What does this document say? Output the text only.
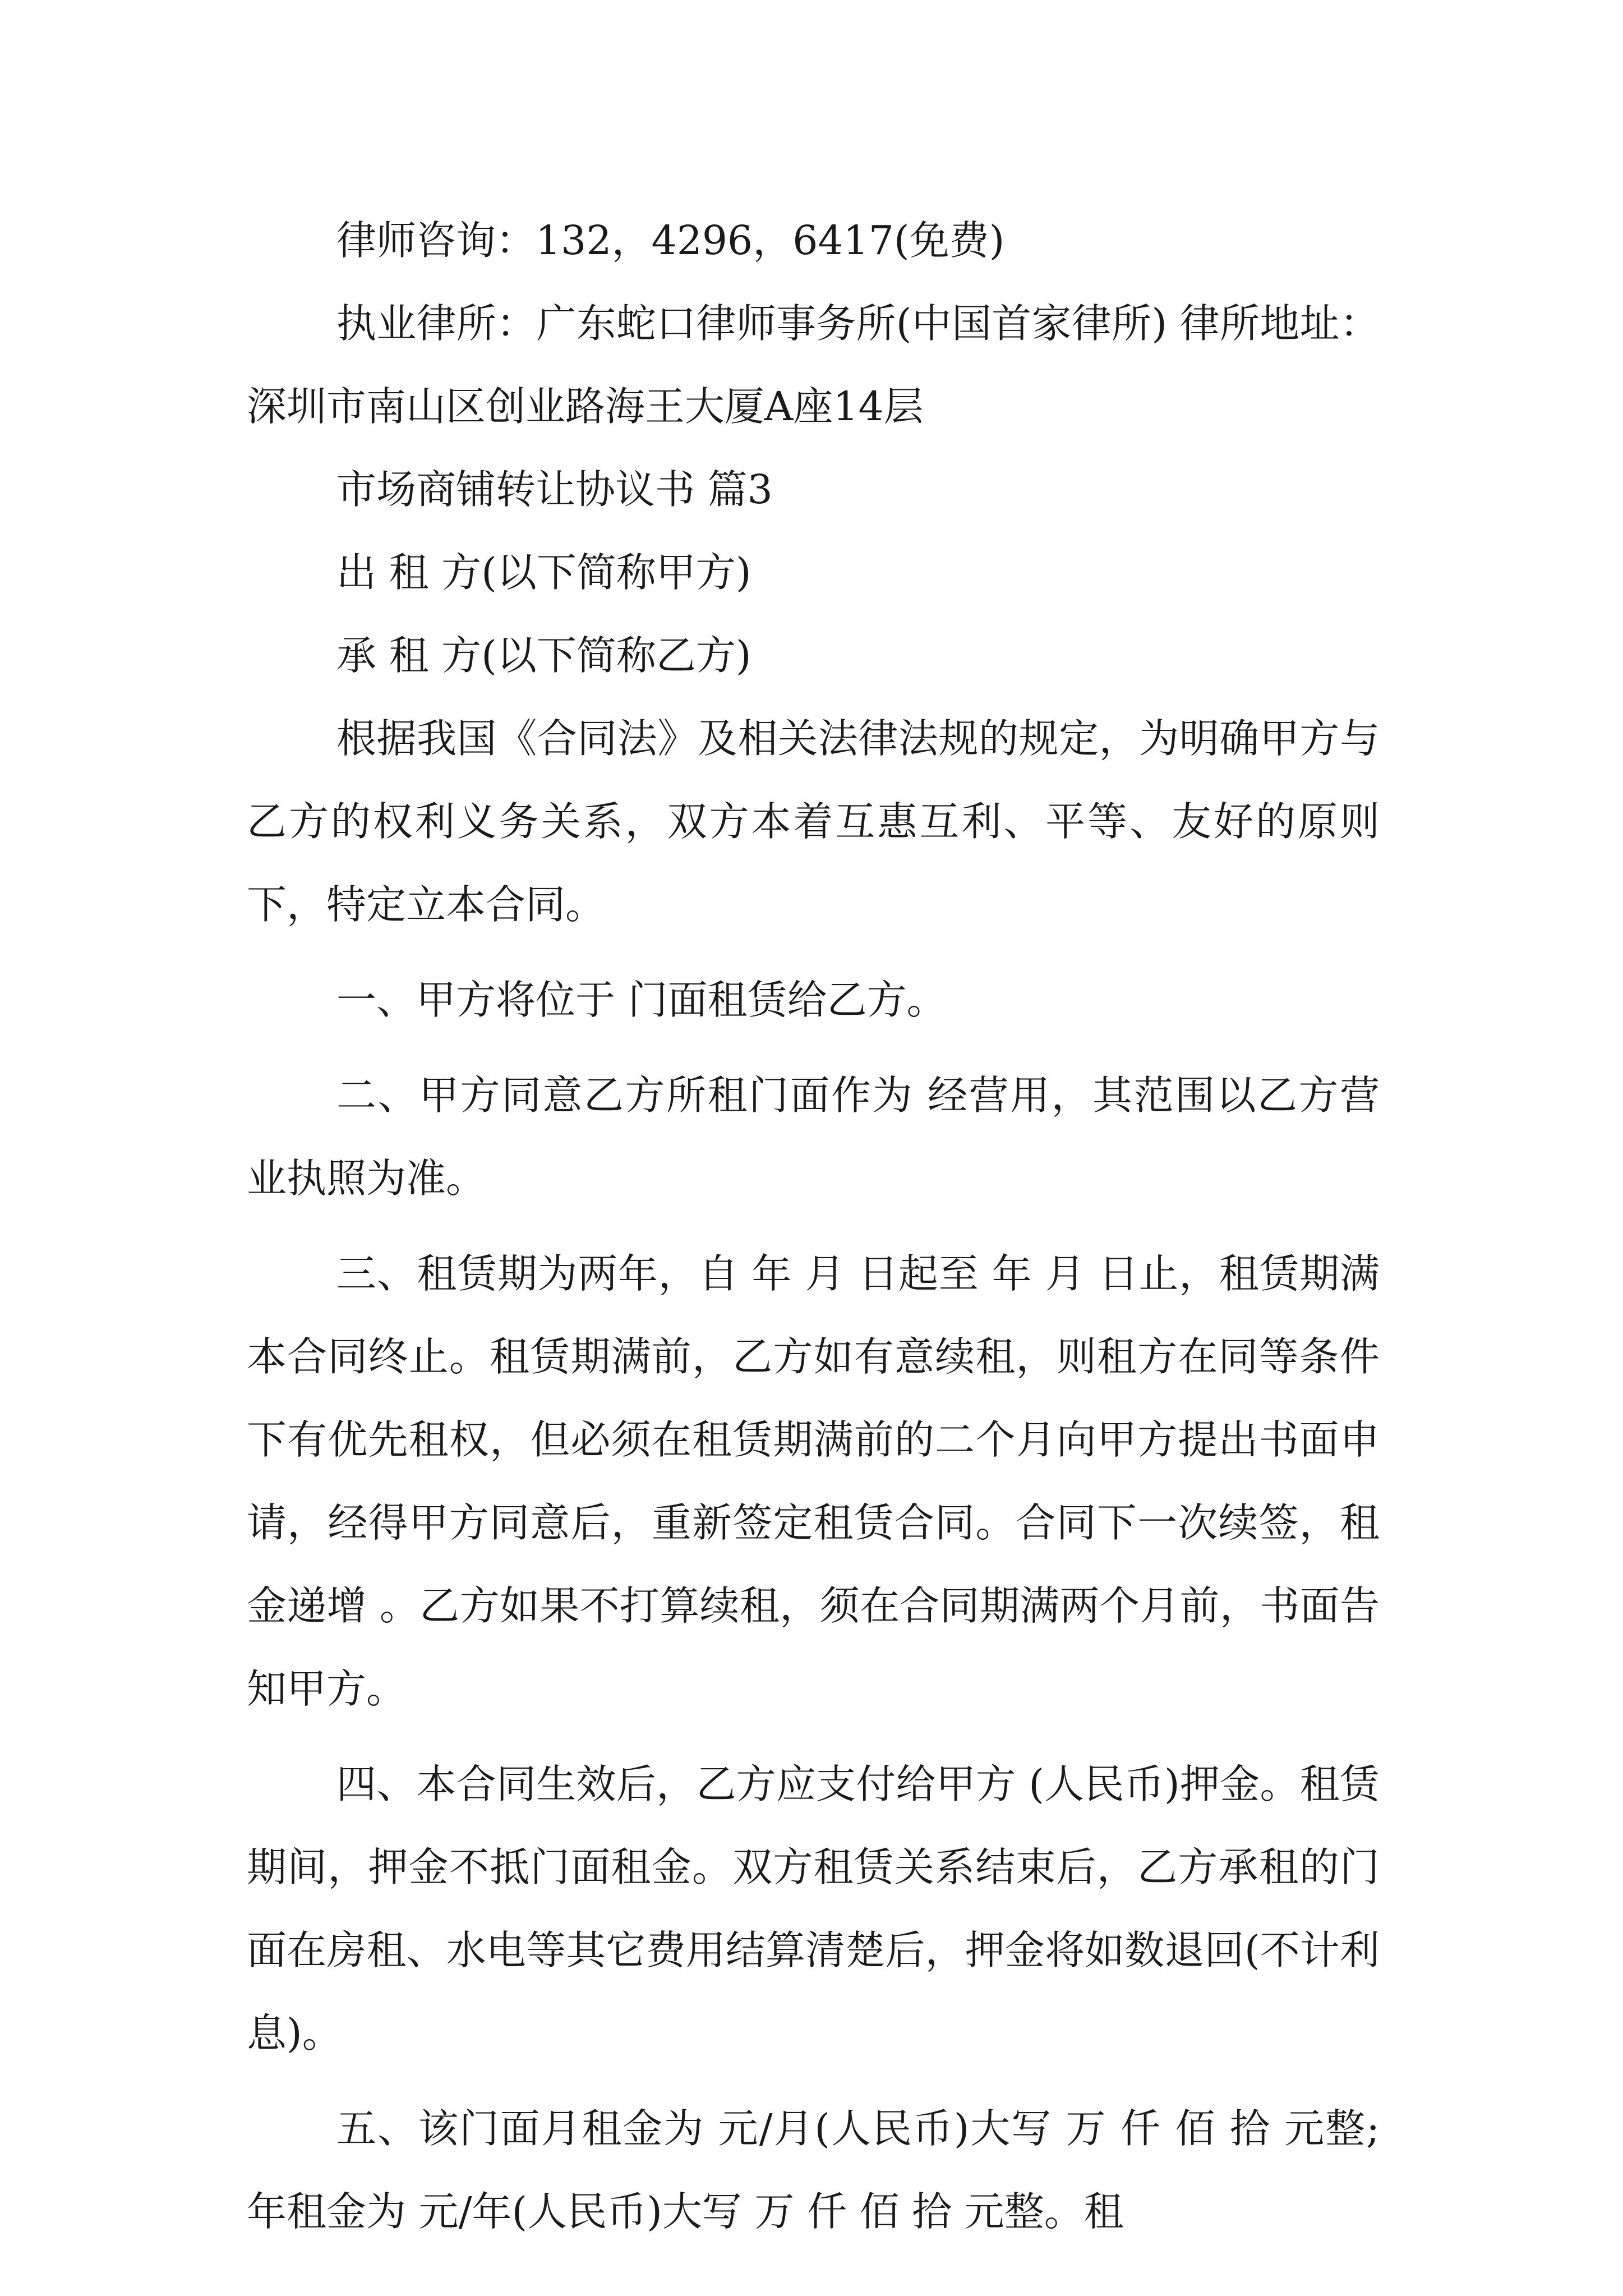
律师咨询：132，4296，6417(免费)

执业律所：广东蛇口律师事务所(中国首家律所) 律所地址：深圳市南山区创业路海王大厦A座14层

市场商铺转让协议书 篇3

出 租 方(以下简称甲方)

承 租 方(以下简称乙方)

根据我国《合同法》及相关法律法规的规定，为明确甲方与乙方的权利义务关系，双方本着互惠互利、平等、友好的原则下，特定立本合同。

一、甲方将位于 门面租赁给乙方。

二、甲方同意乙方所租门面作为 经营用，其范围以乙方营业执照为准。

三、租赁期为两年，自 年 月 日起至 年 月 日止，租赁期满本合同终止。租赁期满前，乙方如有意续租，则租方在同等条件下有优先租权，但必须在租赁期满前的二个月向甲方提出书面申请，经得甲方同意后，重新签定租赁合同。合同下一次续签，租金递增 。乙方如果不打算续租，须在合同期满两个月前，书面告知甲方。

四、本合同生效后，乙方应支付给甲方 (人民币)押金。租赁期间，押金不抵门面租金。双方租赁关系结束后，乙方承租的门面在房租、水电等其它费用结算清楚后，押金将如数退回(不计利息)。

五、该门面月租金为 元/月(人民币)大写 万 仟 佰 拾 元整;年租金为 元/年(人民币)大写 万 仟 佰 拾 元整。租
